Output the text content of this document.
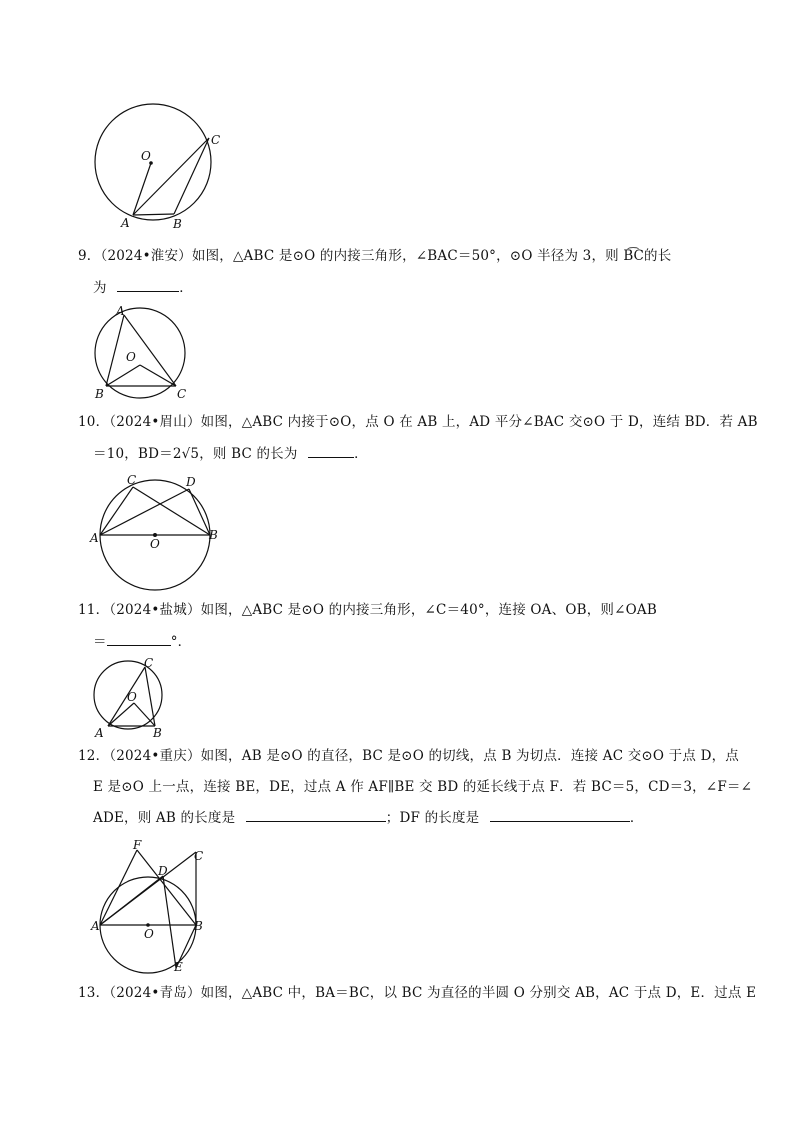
O
C
A	B
9．（2024•淮安）如图，△ABC 是⊙O 的内接三角形，∠BAC＝50°，⊙O 半径为 3，则 B͡C的长
为	．
A
O
B	C
10．（2024•眉山）如图，△ABC 内接于⊙O，点 O 在 AB 上，AD 平分∠BAC 交⊙O 于 D，连结 BD．若 AB
＝10，BD＝2√5，则 BC 的长为	．
C	D
A	O
B
11．（2024•盐城）如图，△ABC 是⊙O 的内接三角形，∠C＝40°，连接 OA、OB，则∠OAB
＝	°．
C
O
A	B
12．（2024•重庆）如图，AB 是⊙O 的直径，BC 是⊙O 的切线，点 B 为切点．连接 AC 交⊙O 于点 D，点
E 是⊙O 上一点，连接 BE，DE，过点 A 作 AF∥BE 交 BD 的延长线于点 F．若 BC＝5，CD＝3，∠F＝∠
ADE，则 AB 的长度是	；DF 的长度是	．
F
C
D
A
O
B
E
13．（2024•青岛）如图，△ABC 中，BA＝BC，以 BC 为直径的半圆 O 分别交 AB，AC 于点 D，E．过点 E
